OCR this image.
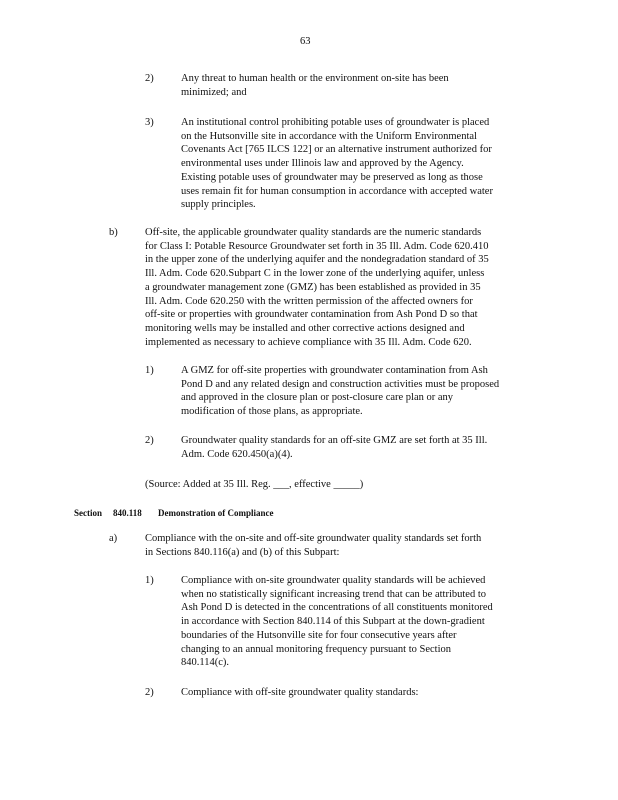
63
2)	Any threat to human health or the environment on-site has been
minimized; and
3)	An institutional control prohibiting potable uses of groundwater is placed
on the Hutsonville site in accordance with the Uniform Environmental
Covenants Act [765 ILCS 122] or an alternative instrument authorized for
environmental uses under Illinois law and approved by the Agency.
Existing potable uses of groundwater may be preserved as long as those
uses remain fit for human consumption in accordance with accepted water
supply principles.
b)	Off-site, the applicable groundwater quality standards are the numeric standards
for Class I: Potable Resource Groundwater set forth in 35 Ill. Adm. Code 620.410
in the upper zone of the underlying aquifer and the nondegradation standard of 35
Ill. Adm. Code 620.Subpart C in the lower zone of the underlying aquifer, unless
a groundwater management zone (GMZ) has been established as provided in 35
Ill. Adm. Code 620.250 with the written permission of the affected owners for
off-site or properties with groundwater contamination from Ash Pond D so that
monitoring wells may be installed and other corrective actions designed and
implemented as necessary to achieve compliance with 35 Ill. Adm. Code 620.
1)	A GMZ for off-site properties with groundwater contamination from Ash
Pond D and any related design and construction activities must be proposed
and approved in the closure plan or post-closure care plan or any
modification of those plans, as appropriate.
2)	Groundwater quality standards for an off-site GMZ are set forth at 35 Ill.
Adm. Code 620.450(a)(4).
(Source: Added at 35 Ill. Reg. ___, effective _____)
Section 840.118 Demonstration of Compliance
a)	Compliance with the on-site and off-site groundwater quality standards set forth
in Sections 840.116(a) and (b) of this Subpart:
1)	Compliance with on-site groundwater quality standards will be achieved
when no statistically significant increasing trend that can be attributed to
Ash Pond D is detected in the concentrations of all constituents monitored
in accordance with Section 840.114 of this Subpart at the down-gradient
boundaries of the Hutsonville site for four consecutive years after
changing to an annual monitoring frequency pursuant to Section
840.114(c).
2)	Compliance with off-site groundwater quality standards:
